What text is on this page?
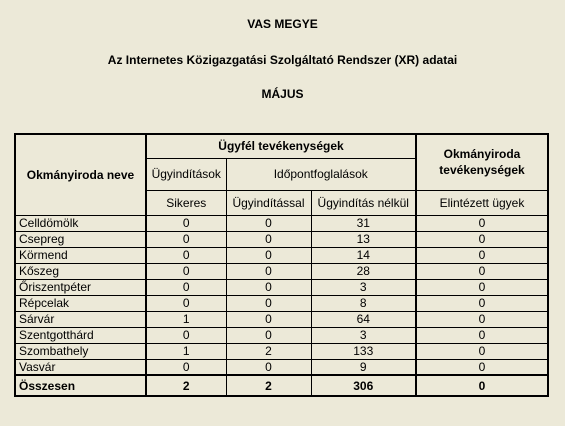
VAS MEGYE
Az Internetes Közigazgatási Szolgáltató Rendszer (XR) adatai
MÁJUS
Okmányiroda neve	Ügyfél tevékenységek			Okmányiroda tevékenységek
	Ügyindítások	Időpontfoglalások		
	Sikeres	Ügyindítással	Ügyindítás nélkül	Elintézett ügyek
Celldömölk	0	0	31	0
Csepreg	0	0	13	0
Körmend	0	0	14	0
Kőszeg	0	0	28	0
Őriszentpéter	0	0	3	0
Répcelak	0	0	8	0
Sárvár	1	0	64	0
Szentgotthárd	0	0	3	0
Szombathely	1	2	133	0
Vasvár	0	0	9	0
Összesen	2	2	306	0
